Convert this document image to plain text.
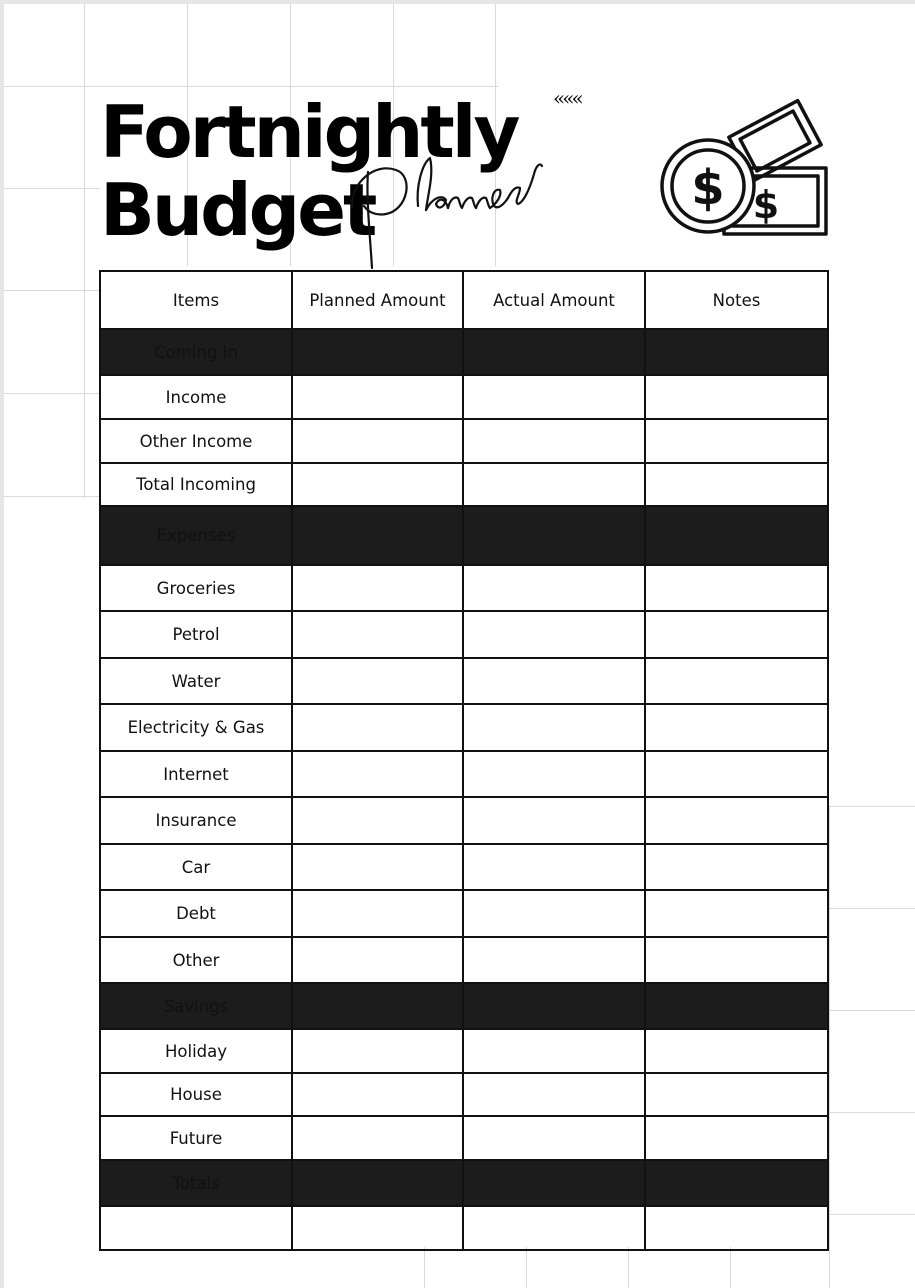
Fortnightly
Budget
«««
$ $
Items	Planned Amount	Actual Amount	Notes
Coming In			
Income			
Other Income			
Total Incoming			
Expenses			
Groceries			
Petrol			
Water			
Electricity & Gas			
Internet			
Insurance			
Car			
Debt			
Other			
Savings			
Holiday			
House			
Future			
Totals			
